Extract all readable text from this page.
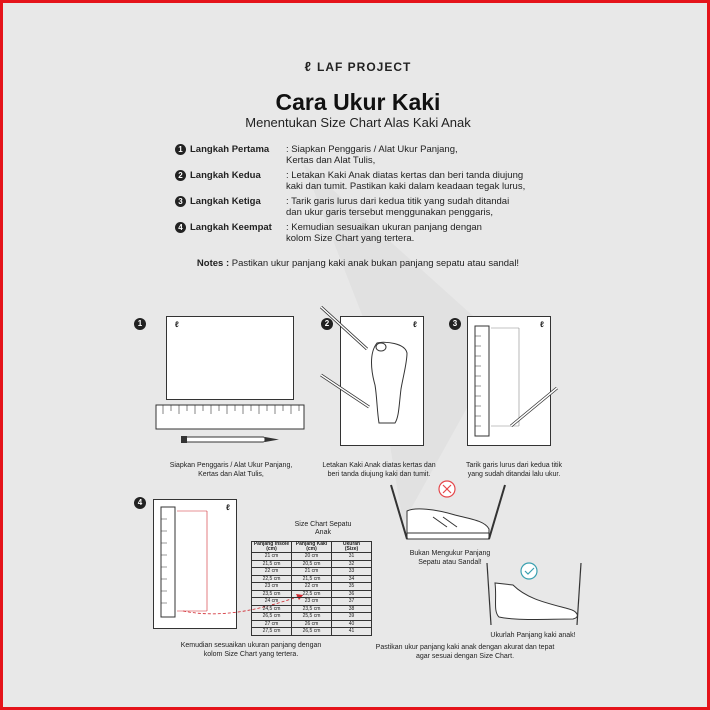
ℓ LAF PROJECT
Cara Ukur Kaki
Menentukan Size Chart Alas Kaki Anak
1 Langkah Pertama : Siapkan Penggaris / Alat Ukur Panjang,
Kertas dan Alat Tulis,
2 Langkah Kedua	: Letakan Kaki Anak diatas kertas dan beri tanda diujung
kaki dan tumit. Pastikan kaki dalam keadaan tegak lurus,
3 Langkah Ketiga	: Tarik garis lurus dari kedua titik yang sudah ditandai
dan ukur garis tersebut menggunakan penggaris,
4 Langkah Keempat : Kemudian sesuaikan ukuran panjang dengan
kolom Size Chart yang tertera.
Notes : Pastikan ukur panjang kaki anak bukan panjang sepatu atau sandal!
1	ℓ
Siapkan Penggaris / Alat Ukur Panjang,
Kertas dan Alat Tulis,
2	ℓ
Letakan Kaki Anak diatas kertas dan
beri tanda diujung kaki dan tumit.
3	ℓ
Tarik garis lurus dari kedua titik
yang sudah ditandai lalu ukur.
4
ℓ
Size Chart Sepatu
Anak
Panjang Insole
(cm)	Panjang Kaki
(cm)	Ukuran
(Size)
21 cm	20 cm	31
21,5 cm	20,5 cm	32
22 cm	21 cm	33
22,5 cm	21,5 cm	34
23 cm	22 cm	35
23,5 cm	22,5 cm	36
24 cm	23 cm	37
24,5 cm	23,5 cm	38
26,5 cm	25,5 cm	39
27 cm	26 cm	40
27,5 cm	26,5 cm	41
Kemudian sesuaikan ukuran panjang dengan
kolom Size Chart yang tertera.
Bukan Mengukur Panjang
Sepatu atau Sandal!
Ukurlah Panjang kaki anak!
Pastikan ukur panjang kaki anak dengan akurat dan tepat
agar sesuai dengan Size Chart.
